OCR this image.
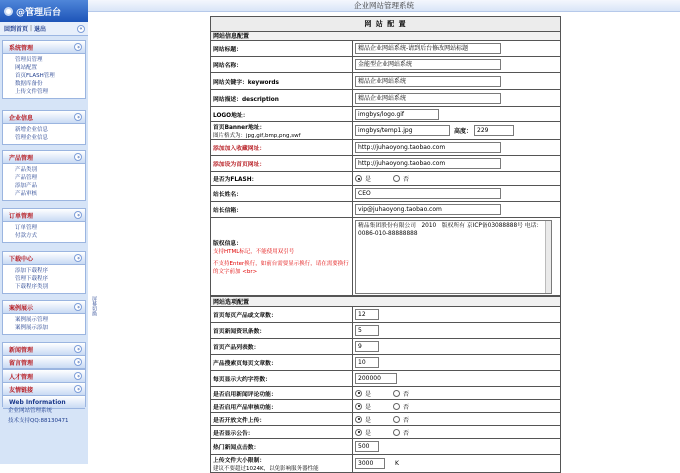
@管理后台
回到首页 | 退出	«
系统管理	»
管理员管理
网站配置
首页FLASH管理
数据库备份
上传文件管理
企业信息	»
新增企业信息
管理企业信息
产品管理	»
产品类别
产品管理
添加产品
产品审核
订单管理	»
订单管理
付款方式
下载中心	»
添加下载程序
管理下载程序
下载程序类别
案例展示	»
案例展示管理
案例展示添加
新闻管理	»
留言管理	»
人才管理	»
友情链接	»
Web Information
企业网站管理系统
技术支持QQ:88130471
屏幕切换
企业网站管理系统
网 站 配 置
网站信息配置
网站标题：	精品企业网站系统-请到后台修改网站标题
网站名称：	金能型企业网站系统
网站关键字：keywords	精品企业网站系统
网站描述：description	精品企业网站系统
LOGO地址：	imgbys/logo.gif
首页Banner地址：
图片格式为：jpg,gif,bmp,png,swf
imgbys/temp1.jpg	高度： 229
添加加入收藏网址：	http://juhaoyong.taobao.com
添加设为首页网址：	http://juhaoyong.taobao.com
是否为FLASH：	是	否
站长姓名：	CEO
站长信箱：	vip@juhaoyong.taobao.com
版权信息：
支持HTML标记，不能使用双引号
不支持Enter换行，如前台需要显示换行，请在需要换行的文字前加 <br>
精品集团股份有限公司   2010   版权所有 京ICP备03088888号 电话：0086-010-88888888
网站选项配置
首页每页产品或文章数：	12
首页新闻资讯条数：	5
首页产品列表数：	9
产品搜索页每页文章数：	10
每页显示大约字符数：	200000
是否启用新闻评论功能：	是	否
是否启用产品审核功能：	是	否
是否开放文件上传：	是	否
是否显示公告：	是	否
热门新闻点击数：	500
上传文件大小限制：
建议不要超过1024K，以免影响服务器性能
3000	K
